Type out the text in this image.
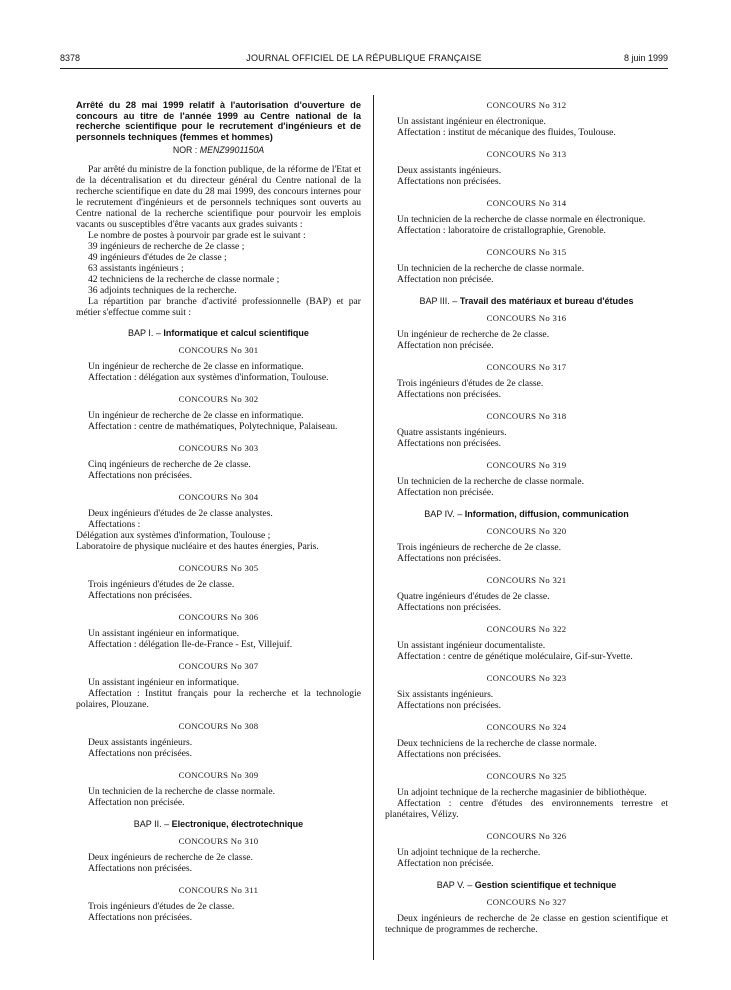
8378	JOURNAL OFFICIEL DE LA RÉPUBLIQUE FRANÇAISE	8 juin 1999

Arrêté du 28 mai 1999 relatif à l'autorisation d'ouverture de concours au titre de l'année 1999 au Centre national de la recherche scientifique pour le recrutement d'ingénieurs et de personnels techniques (femmes et hommes)

NOR : MENZ9901150A

Par arrêté du ministre de la fonction publique, de la réforme de l'Etat et de la décentralisation et du directeur général du Centre national de la recherche scientifique en date du 28 mai 1999, des concours internes pour le recrutement d'ingénieurs et de personnels techniques sont ouverts au Centre national de la recherche scientifique pour pourvoir les emplois vacants ou susceptibles d'être vacants aux grades suivants :

Le nombre de postes à pourvoir par grade est le suivant :

39 ingénieurs de recherche de 2e classe ;

49 ingénieurs d'études de 2e classe ;

63 assistants ingénieurs ;

42 techniciens de la recherche de classe normale ;

36 adjoints techniques de la recherche.

La répartition par branche d'activité professionnelle (BAP) et par métier s'effectue comme suit :

BAP I. – Informatique et calcul scientifique

CONCOURS No 301

Un ingénieur de recherche de 2e classe en informatique.

Affectation : délégation aux systèmes d'information, Toulouse.

CONCOURS No 302

Un ingénieur de recherche de 2e classe en informatique.

Affectation : centre de mathématiques, Polytechnique, Palaiseau.

CONCOURS No 303

Cinq ingénieurs de recherche de 2e classe.

Affectations non précisées.

CONCOURS No 304

Deux ingénieurs d'études de 2e classe analystes.

Affectations :

Délégation aux systèmes d'information, Toulouse ;

Laboratoire de physique nucléaire et des hautes énergies, Paris.

CONCOURS No 305

Trois ingénieurs d'études de 2e classe.

Affectations non précisées.

CONCOURS No 306

Un assistant ingénieur en informatique.

Affectation : délégation Ile-de-France - Est, Villejuif.

CONCOURS No 307

Un assistant ingénieur en informatique.

Affectation : Institut français pour la recherche et la technologie polaires, Plouzane.

CONCOURS No 308

Deux assistants ingénieurs.

Affectations non précisées.

CONCOURS No 309

Un technicien de la recherche de classe normale.

Affectation non précisée.

BAP II. – Electronique, électrotechnique

CONCOURS No 310

Deux ingénieurs de recherche de 2e classe.

Affectations non précisées.

CONCOURS No 311

Trois ingénieurs d'études de 2e classe.

Affectations non précisées.

CONCOURS No 312

Un assistant ingénieur en électronique.

Affectation : institut de mécanique des fluides, Toulouse.

CONCOURS No 313

Deux assistants ingénieurs.

Affectations non précisées.

CONCOURS No 314

Un technicien de la recherche de classe normale en électronique.

Affectation : laboratoire de cristallographie, Grenoble.

CONCOURS No 315

Un technicien de la recherche de classe normale.

Affectation non précisée.

BAP III. – Travail des matériaux et bureau d'études

CONCOURS No 316

Un ingénieur de recherche de 2e classe.

Affectation non précisée.

CONCOURS No 317

Trois ingénieurs d'études de 2e classe.

Affectations non précisées.

CONCOURS No 318

Quatre assistants ingénieurs.

Affectations non précisées.

CONCOURS No 319

Un technicien de la recherche de classe normale.

Affectation non précisée.

BAP IV. – Information, diffusion, communication

CONCOURS No 320

Trois ingénieurs de recherche de 2e classe.

Affectations non précisées.

CONCOURS No 321

Quatre ingénieurs d'études de 2e classe.

Affectations non précisées.

CONCOURS No 322

Un assistant ingénieur documentaliste.

Affectation : centre de génétique moléculaire, Gif-sur-Yvette.

CONCOURS No 323

Six assistants ingénieurs.

Affectations non précisées.

CONCOURS No 324

Deux techniciens de la recherche de classe normale.

Affectations non précisées.

CONCOURS No 325

Un adjoint technique de la recherche magasinier de bibliothèque.

Affectation : centre d'études des environnements terrestre et planétaires, Vélizy.

CONCOURS No 326

Un adjoint technique de la recherche.

Affectation non précisée.

BAP V. – Gestion scientifique et technique

CONCOURS No 327

Deux ingénieurs de recherche de 2e classe en gestion scientifique et technique de programmes de recherche.
